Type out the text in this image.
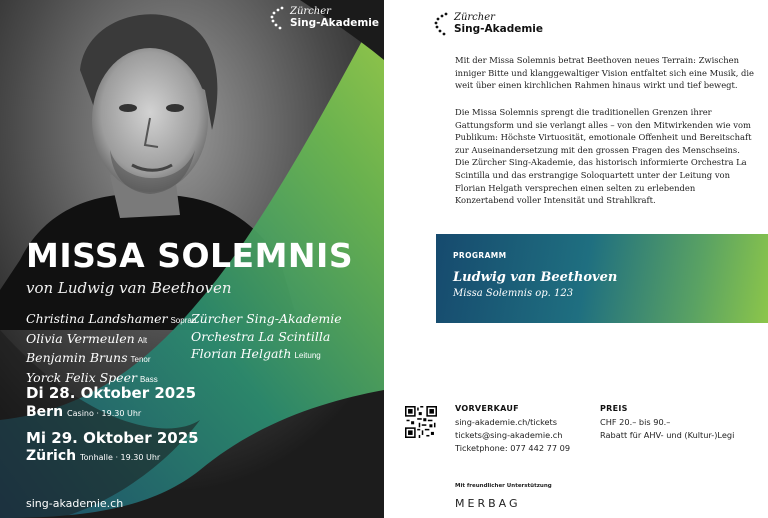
Zürcher
Sing-Akademie
MISSA SOLEMNIS
von Ludwig van Beethoven
Christina Landshamer Sopran
Olivia Vermeulen Alt
Benjamin Bruns Tenor
Yorck Felix Speer Bass
Zürcher Sing-Akademie
Orchestra La Scintilla
Florian Helgath Leitung
Di 28. Oktober 2025
Bern Casino · 19.30 Uhr
Mi 29. Oktober 2025
Zürich Tonhalle · 19.30 Uhr
sing-akademie.ch
Zürcher
Sing-Akademie
Mit der Missa Solemnis betrat Beethoven neues Terrain: Zwischen inniger Bitte und klanggewaltiger Vision entfaltet sich eine Musik, die weit über einen kirchlichen Rahmen hinaus wirkt und tief bewegt.
Die Missa Solemnis sprengt die traditionellen Grenzen ihrer Gattungsform und sie verlangt alles – von den Mitwirkenden wie vom Publikum: Höchste Virtuosität, emotionale Offenheit und Bereitschaft zur Auseinandersetzung mit den grossen Fragen des Menschseins. Die Zürcher Sing-Akademie, das historisch informierte Orchestra La Scintilla und das erstrangige Soloquartett unter der Leitung von Florian Helgath versprechen einen selten zu erlebenden Konzertabend voller Intensität und Strahlkraft.
PROGRAMM
Ludwig van Beethoven
Missa Solemnis op. 123
VORVERKAUF
sing-akademie.ch/tickets
tickets@sing-akademie.ch
Ticketphone: 077 442 77 09
PREIS
CHF 20.– bis 90.–
Rabatt für AHV- und (Kultur-)Legi
Mit freundlicher Unterstützung
MERBAG
